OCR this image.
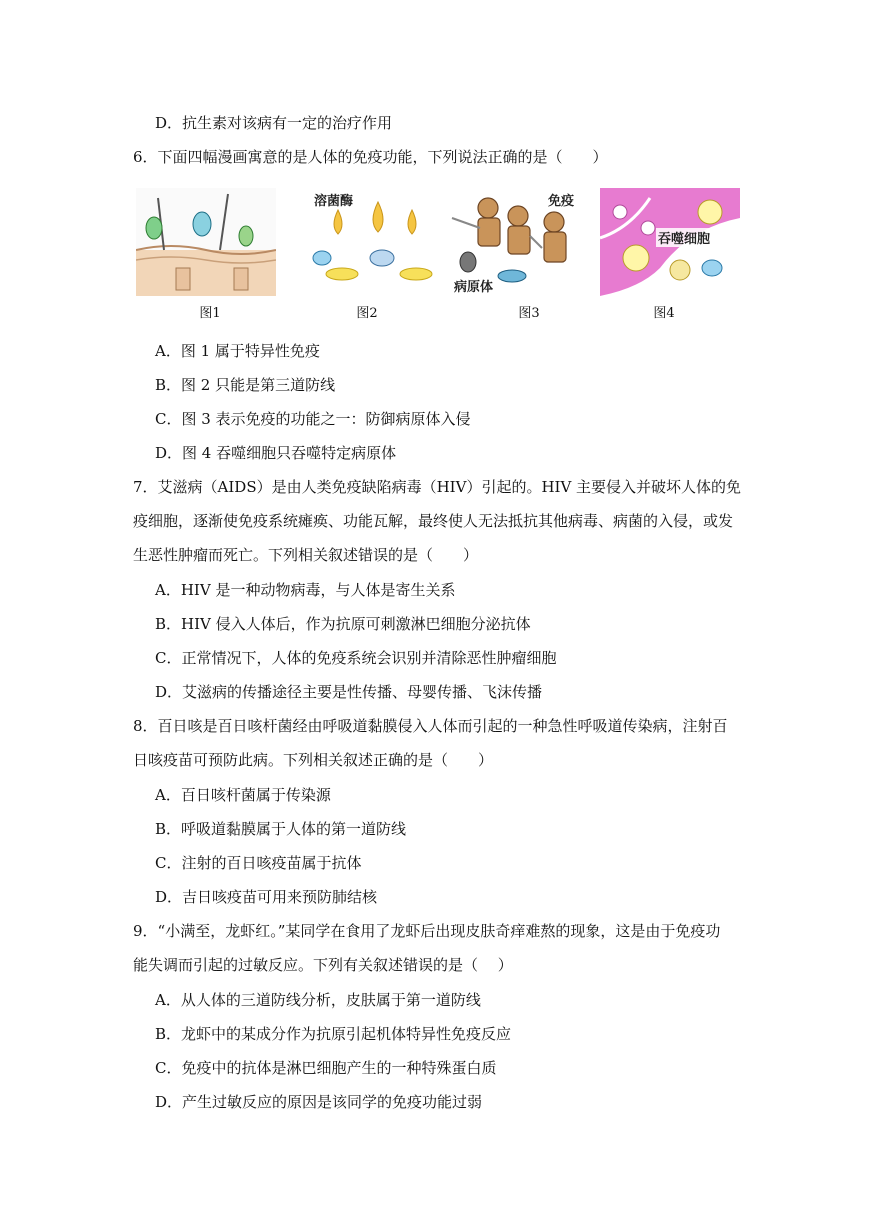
D．抗生素对该病有一定的治疗作用
6．下面四幅漫画寓意的是人体的免疫功能，下列说法正确的是（　　）
图1
溶菌酶
图2
免疫
病原体
图3
吞噬细胞
图4
A．图 1 属于特异性免疫
B．图 2 只能是第三道防线
C．图 3 表示免疫的功能之一：防御病原体入侵
D．图 4 吞噬细胞只吞噬特定病原体
7．艾滋病（AIDS）是由人类免疫缺陷病毒（HIV）引起的。HIV 主要侵入并破坏人体的免
疫细胞，逐渐使免疫系统瘫痪、功能瓦解，最终使人无法抵抗其他病毒、病菌的入侵，或发
生恶性肿瘤而死亡。下列相关叙述错误的是（　　）
A．HIV 是一种动物病毒，与人体是寄生关系
B．HIV 侵入人体后，作为抗原可刺激淋巴细胞分泌抗体
C．正常情况下，人体的免疫系统会识别并清除恶性肿瘤细胞
D．艾滋病的传播途径主要是性传播、母婴传播、飞沫传播
8．百日咳是百日咳杆菌经由呼吸道黏膜侵入人体而引起的一种急性呼吸道传染病，注射百
日咳疫苗可预防此病。下列相关叙述正确的是（　　）
A．百日咳杆菌属于传染源
B．呼吸道黏膜属于人体的第一道防线
C．注射的百日咳疫苗属于抗体
D．吉日咳疫苗可用来预防肺结核
9．“小满至，龙虾红。”某同学在食用了龙虾后出现皮肤奇痒难熬的现象，这是由于免疫功
能失调而引起的过敏反应。下列有关叙述错误的是（　 ）
A．从人体的三道防线分析，皮肤属于第一道防线
B．龙虾中的某成分作为抗原引起机体特异性免疫反应
C．免疫中的抗体是淋巴细胞产生的一种特殊蛋白质
D．产生过敏反应的原因是该同学的免疫功能过弱
